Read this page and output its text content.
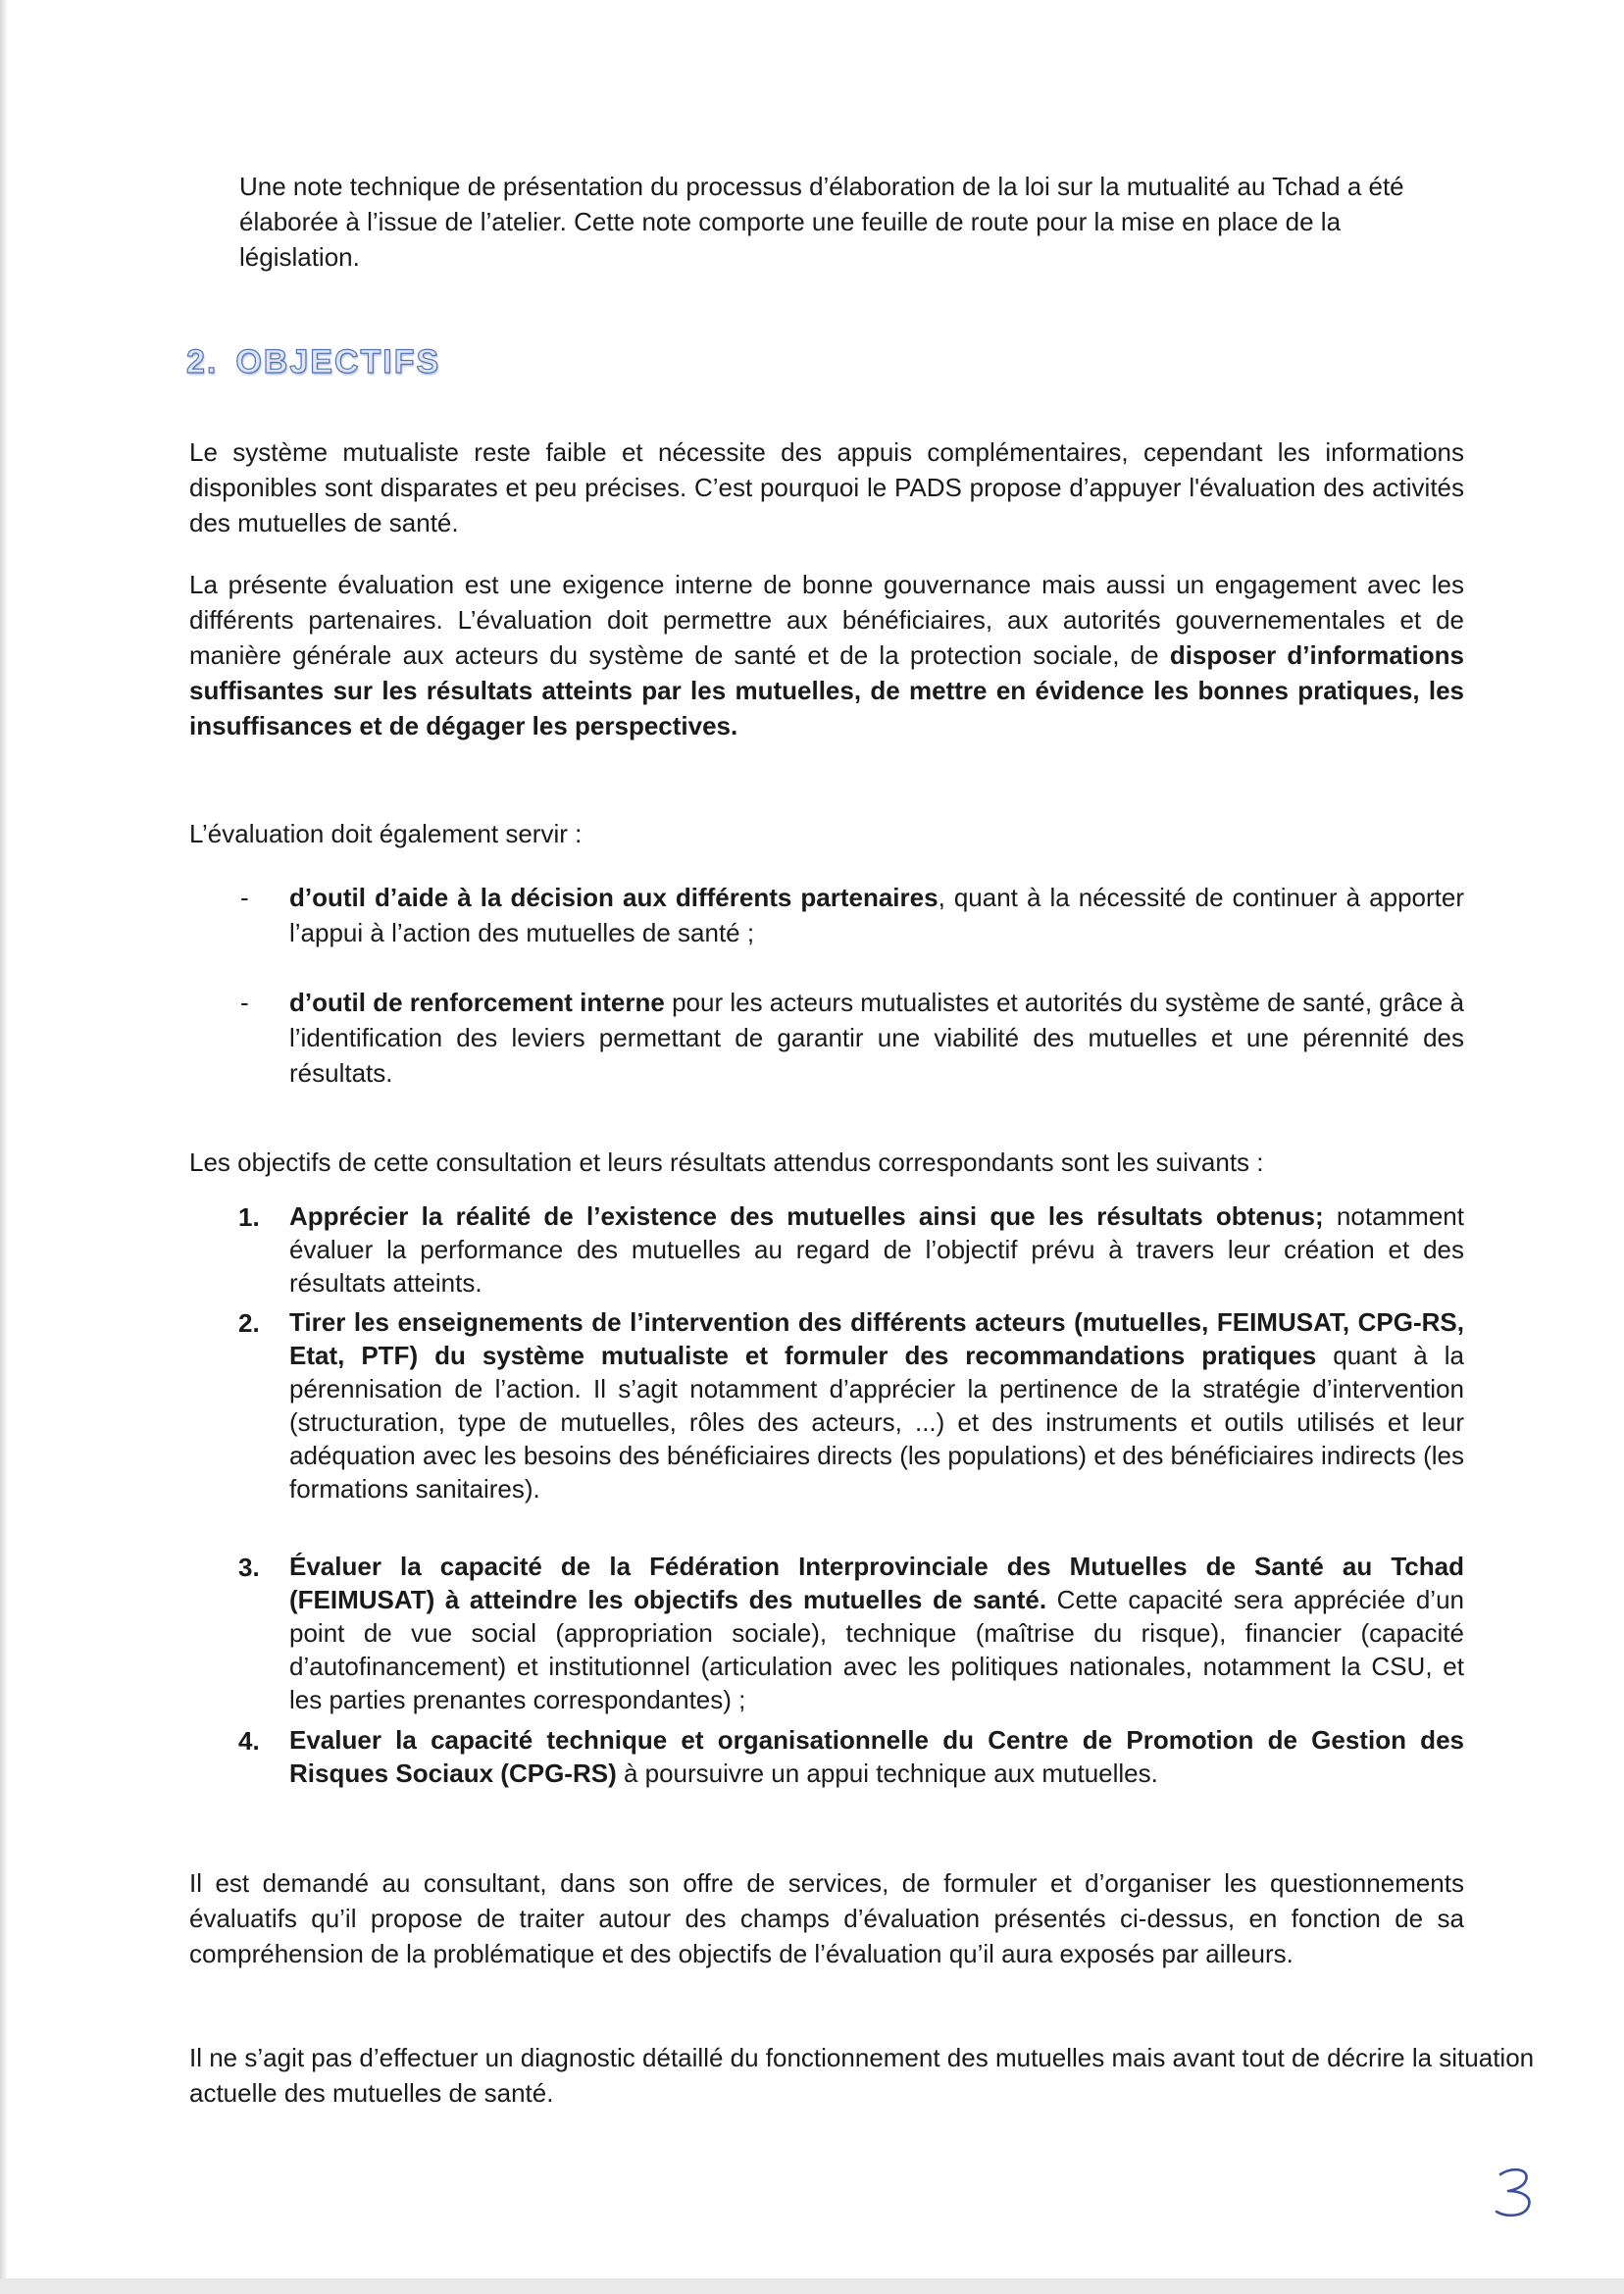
Une note technique de présentation du processus d’élaboration de la loi sur la mutualité au Tchad a été élaborée à l’issue de l’atelier. Cette note comporte une feuille de route pour la mise en place de la législation.

2. OBJECTIFS

Le système mutualiste reste faible et nécessite des appuis complémentaires, cependant les informations disponibles sont disparates et peu précises. C’est pourquoi le PADS propose d’appuyer l'évaluation des activités des mutuelles de santé.

La présente évaluation est une exigence interne de bonne gouvernance mais aussi un engagement avec les différents partenaires. L’évaluation doit permettre aux bénéficiaires, aux autorités gouvernementales et de manière générale aux acteurs du système de santé et de la protection sociale, de disposer d’informations suffisantes sur les résultats atteints par les mutuelles, de mettre en évidence les bonnes pratiques, les insuffisances et de dégager les perspectives.

L’évaluation doit également servir :

- d’outil d’aide à la décision aux différents partenaires, quant à la nécessité de continuer à apporter l’appui à l’action des mutuelles de santé ;

- d’outil de renforcement interne pour les acteurs mutualistes et autorités du système de santé, grâce à l’identification des leviers permettant de garantir une viabilité des mutuelles et une pérennité des résultats.

Les objectifs de cette consultation et leurs résultats attendus correspondants sont les suivants :

1. Apprécier la réalité de l’existence des mutuelles ainsi que les résultats obtenus; notamment évaluer la performance des mutuelles au regard de l’objectif prévu à travers leur création et des résultats atteints.

2. Tirer les enseignements de l’intervention des différents acteurs (mutuelles, FEIMUSAT, CPG-RS, Etat, PTF) du système mutualiste et formuler des recommandations pratiques quant à la pérennisation de l’action. Il s’agit notamment d’apprécier la pertinence de la stratégie d’intervention (structuration, type de mutuelles, rôles des acteurs, ...) et des instruments et outils utilisés et leur adéquation avec les besoins des bénéficiaires directs (les populations) et des bénéficiaires indirects (les formations sanitaires).

3. Évaluer la capacité de la Fédération Interprovinciale des Mutuelles de Santé au Tchad (FEIMUSAT) à atteindre les objectifs des mutuelles de santé. Cette capacité sera appréciée d’un point de vue social (appropriation sociale), technique (maîtrise du risque), financier (capacité d’autofinancement) et institutionnel (articulation avec les politiques nationales, notamment la CSU, et les parties prenantes correspondantes) ;

4. Evaluer la capacité technique et organisationnelle du Centre de Promotion de Gestion des Risques Sociaux (CPG-RS) à poursuivre un appui technique aux mutuelles.

Il est demandé au consultant, dans son offre de services, de formuler et d’organiser les questionnements évaluatifs qu’il propose de traiter autour des champs d’évaluation présentés ci-dessus, en fonction de sa compréhension de la problématique et des objectifs de l’évaluation qu’il aura exposés par ailleurs.

Il ne s’agit pas d’effectuer un diagnostic détaillé du fonctionnement des mutuelles mais avant tout de décrire la situation actuelle des mutuelles de santé.
